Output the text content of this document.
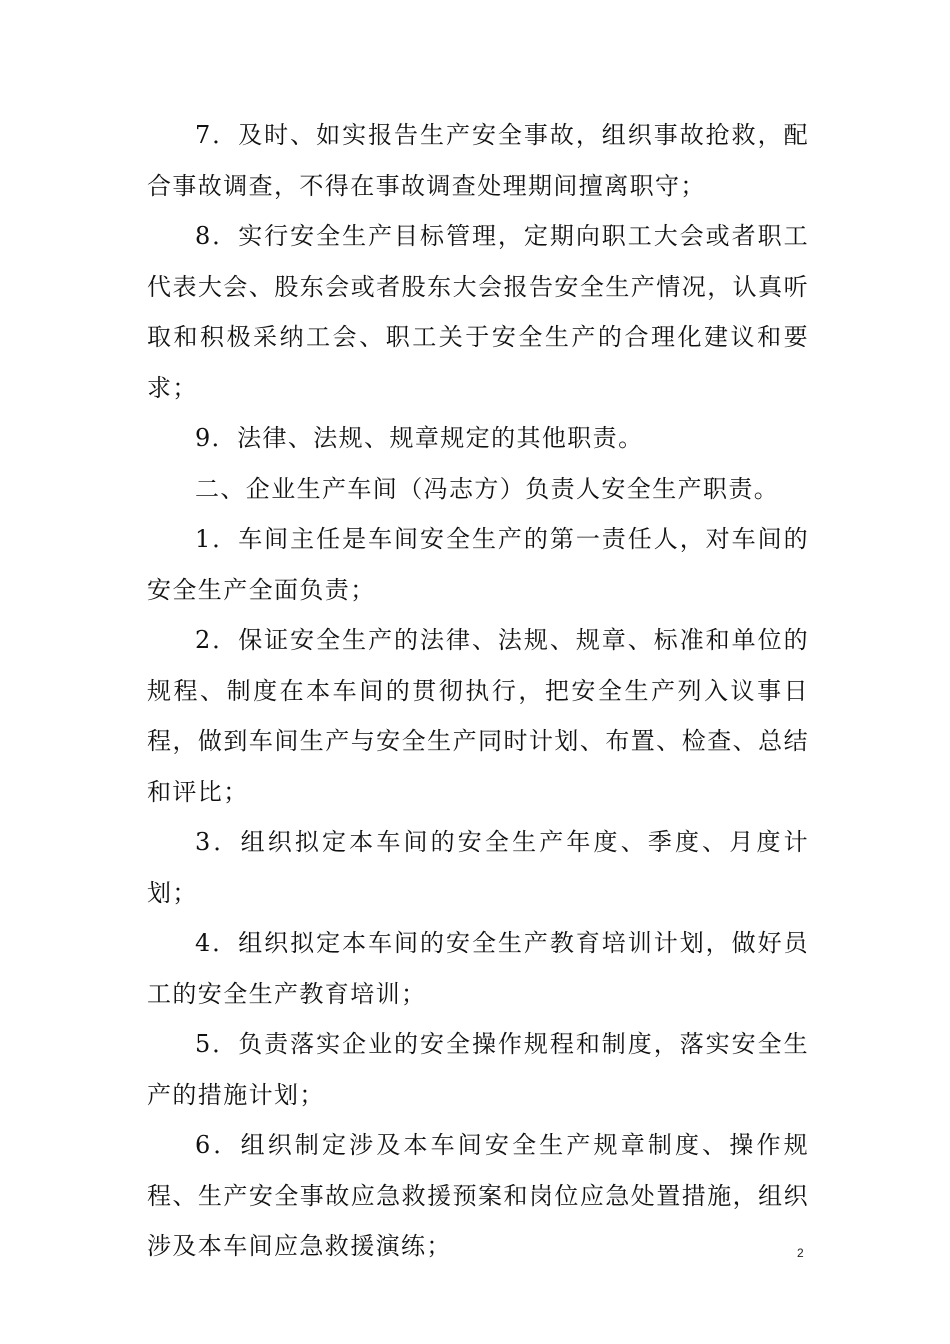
7．及时、如实报告生产安全事故，组织事故抢救，配合事故调查，不得在事故调查处理期间擅离职守；

8．实行安全生产目标管理，定期向职工大会或者职工代表大会、股东会或者股东大会报告安全生产情况，认真听取和积极采纳工会、职工关于安全生产的合理化建议和要求；

9．法律、法规、规章规定的其他职责。

二、企业生产车间（冯志方）负责人安全生产职责。

1．车间主任是车间安全生产的第一责任人，对车间的安全生产全面负责；

2．保证安全生产的法律、法规、规章、标准和单位的规程、制度在本车间的贯彻执行，把安全生产列入议事日程，做到车间生产与安全生产同时计划、布置、检查、总结和评比；

3．组织拟定本车间的安全生产年度、季度、月度计划；

4．组织拟定本车间的安全生产教育培训计划，做好员工的安全生产教育培训；

5．负责落实企业的安全操作规程和制度，落实安全生产的措施计划；

6．组织制定涉及本车间安全生产规章制度、操作规程、生产安全事故应急救援预案和岗位应急处置措施，组织涉及本车间应急救援演练；	2
